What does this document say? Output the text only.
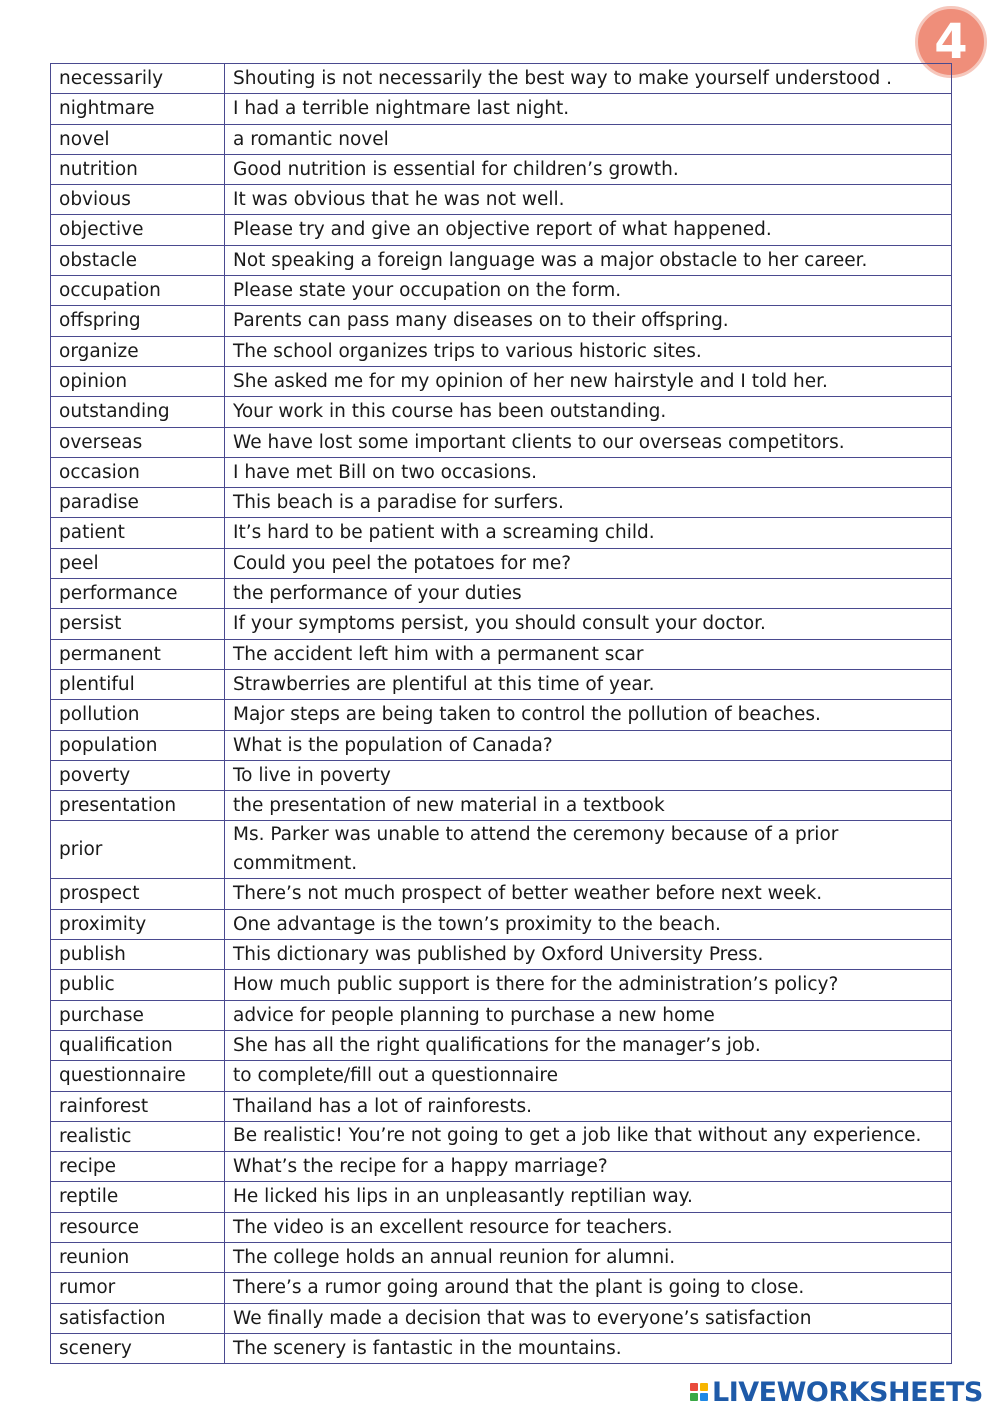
4
necessarily	Shouting is not necessarily the best way to make yourself understood .
nightmare	I had a terrible nightmare last night.
novel	a romantic novel
nutrition	Good nutrition is essential for children’s growth.
obvious	It was obvious that he was not well.
objective	Please try and give an objective report of what happened.
obstacle	Not speaking a foreign language was a major obstacle to her career.
occupation	Please state your occupation on the form.
offspring	Parents can pass many diseases on to their offspring.
organize	The school organizes trips to various historic sites.
opinion	She asked me for my opinion of her new hairstyle and I told her.
outstanding	Your work in this course has been outstanding.
overseas	We have lost some important clients to our overseas competitors.
occasion	I have met Bill on two occasions.
paradise	This beach is a paradise for surfers.
patient	It’s hard to be patient with a screaming child.
peel	Could you peel the potatoes for me?
performance	the performance of your duties
persist	If your symptoms persist, you should consult your doctor.
permanent	The accident left him with a permanent scar
plentiful	Strawberries are plentiful at this time of year.
pollution	Major steps are being taken to control the pollution of beaches.
population	What is the population of Canada?
poverty	To live in poverty
presentation	the presentation of new material in a textbook
prior	Ms. Parker was unable to attend the ceremony because of a prior commitment.
prospect	There’s not much prospect of better weather before next week.
proximity	One advantage is the town’s proximity to the beach.
publish	This dictionary was published by Oxford University Press.
public	How much public support is there for the administration’s policy?
purchase	advice for people planning to purchase a new home
qualification	She has all the right qualifications for the manager’s job.
questionnaire	to complete/fill out a questionnaire
rainforest	Thailand has a lot of rainforests.
realistic	Be realistic! You’re not going to get a job like that without any experience.
recipe	What’s the recipe for a happy marriage?
reptile	He licked his lips in an unpleasantly reptilian way.
resource	The video is an excellent resource for teachers.
reunion	The college holds an annual reunion for alumni.
rumor	There’s a rumor going around that the plant is going to close.
satisfaction	We finally made a decision that was to everyone’s satisfaction
scenery	The scenery is fantastic in the mountains.
LIVEWORKSHEETS
